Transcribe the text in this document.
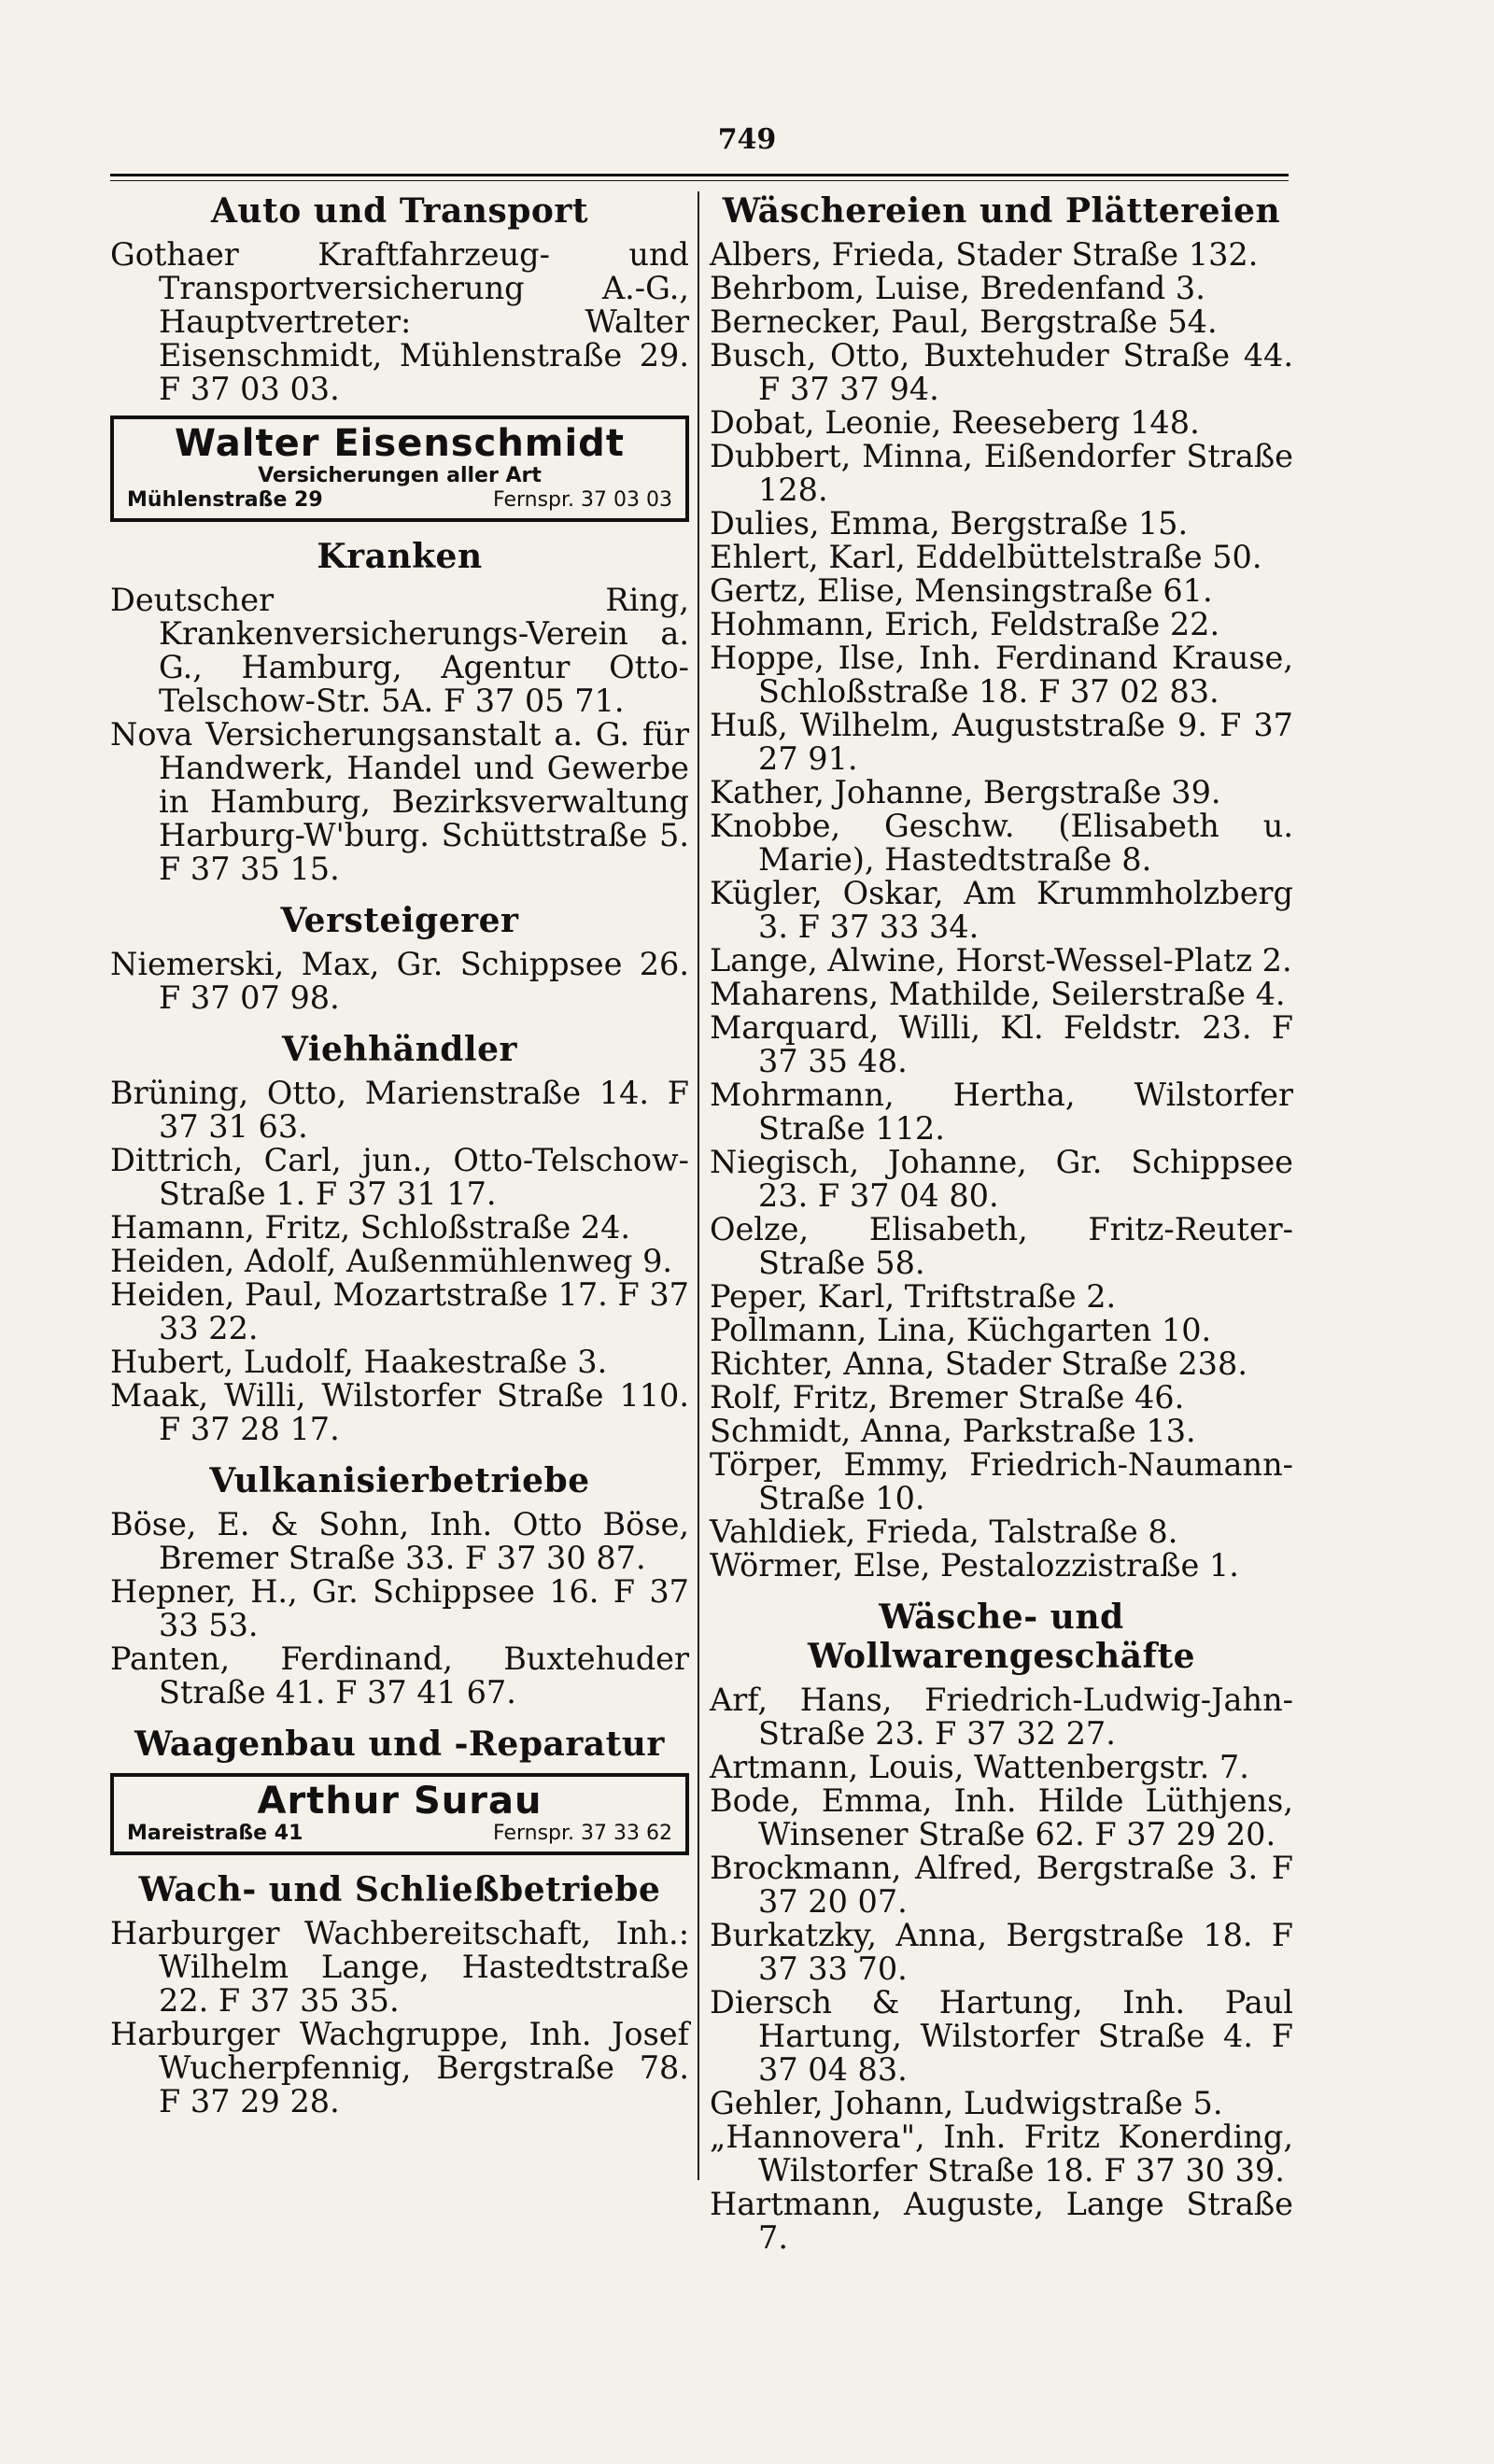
749
Auto und Transport
Gothaer Kraftfahrzeug- und Transportversicherung A.-G., Hauptvertreter: Walter Eisenschmidt, Mühlenstraße 29. F 37 03 03.
Walter Eisenschmidt
Versicherungen aller Art
Mühlenstraße 29	Fernspr. 37 03 03
Kranken
Deutscher Ring, Krankenversicherungs-Verein a. G., Hamburg, Agentur Otto-Telschow-Str. 5A. F 37 05 71.
Nova Versicherungsanstalt a. G. für Handwerk, Handel und Gewerbe in Hamburg, Bezirksverwaltung Harburg-W'burg. Schüttstraße 5. F 37 35 15.
Versteigerer
Niemerski, Max, Gr. Schippsee 26. F 37 07 98.
Viehhändler
Brüning, Otto, Marienstraße 14. F 37 31 63.
Dittrich, Carl, jun., Otto-Telschow-Straße 1. F 37 31 17.
Hamann, Fritz, Schloßstraße 24.
Heiden, Adolf, Außenmühlenweg 9.
Heiden, Paul, Mozartstraße 17. F 37 33 22.
Hubert, Ludolf, Haakestraße 3.
Maak, Willi, Wilstorfer Straße 110. F 37 28 17.
Vulkanisierbetriebe
Böse, E. & Sohn, Inh. Otto Böse, Bremer Straße 33. F 37 30 87.
Hepner, H., Gr. Schippsee 16. F 37 33 53.
Panten, Ferdinand, Buxtehuder Straße 41. F 37 41 67.
Waagenbau und -Reparatur
Arthur Surau
Mareistraße 41	Fernspr. 37 33 62
Wach- und Schließbetriebe
Harburger Wachbereitschaft, Inh.: Wilhelm Lange, Hastedtstraße 22. F 37 35 35.
Harburger Wachgruppe, Inh. Josef Wucherpfennig, Bergstraße 78. F 37 29 28.
Wäschereien und Plättereien
Albers, Frieda, Stader Straße 132.
Behrbom, Luise, Bredenfand 3.
Bernecker, Paul, Bergstraße 54.
Busch, Otto, Buxtehuder Straße 44. F 37 37 94.
Dobat, Leonie, Reeseberg 148.
Dubbert, Minna, Eißendorfer Straße 128.
Dulies, Emma, Bergstraße 15.
Ehlert, Karl, Eddelbüttelstraße 50.
Gertz, Elise, Mensingstraße 61.
Hohmann, Erich, Feldstraße 22.
Hoppe, Ilse, Inh. Ferdinand Krause, Schloßstraße 18. F 37 02 83.
Huß, Wilhelm, Auguststraße 9. F 37 27 91.
Kather, Johanne, Bergstraße 39.
Knobbe, Geschw. (Elisabeth u. Marie), Hastedtstraße 8.
Kügler, Oskar, Am Krummholzberg 3. F 37 33 34.
Lange, Alwine, Horst-Wessel-Platz 2.
Maharens, Mathilde, Seilerstraße 4.
Marquard, Willi, Kl. Feldstr. 23. F 37 35 48.
Mohrmann, Hertha, Wilstorfer Straße 112.
Niegisch, Johanne, Gr. Schippsee 23. F 37 04 80.
Oelze, Elisabeth, Fritz-Reuter-Straße 58.
Peper, Karl, Triftstraße 2.
Pollmann, Lina, Küchgarten 10.
Richter, Anna, Stader Straße 238.
Rolf, Fritz, Bremer Straße 46.
Schmidt, Anna, Parkstraße 13.
Törper, Emmy, Friedrich-Naumann-Straße 10.
Vahldiek, Frieda, Talstraße 8.
Wörmer, Else, Pestalozzistraße 1.
Wäsche- und Wollwarengeschäfte
Arf, Hans, Friedrich-Ludwig-Jahn-Straße 23. F 37 32 27.
Artmann, Louis, Wattenbergstr. 7.
Bode, Emma, Inh. Hilde Lüthjens, Winsener Straße 62. F 37 29 20.
Brockmann, Alfred, Bergstraße 3. F 37 20 07.
Burkatzky, Anna, Bergstraße 18. F 37 33 70.
Diersch & Hartung, Inh. Paul Hartung, Wilstorfer Straße 4. F 37 04 83.
Gehler, Johann, Ludwigstraße 5.
„Hannovera", Inh. Fritz Konerding, Wilstorfer Straße 18. F 37 30 39.
Hartmann, Auguste, Lange Straße 7.
